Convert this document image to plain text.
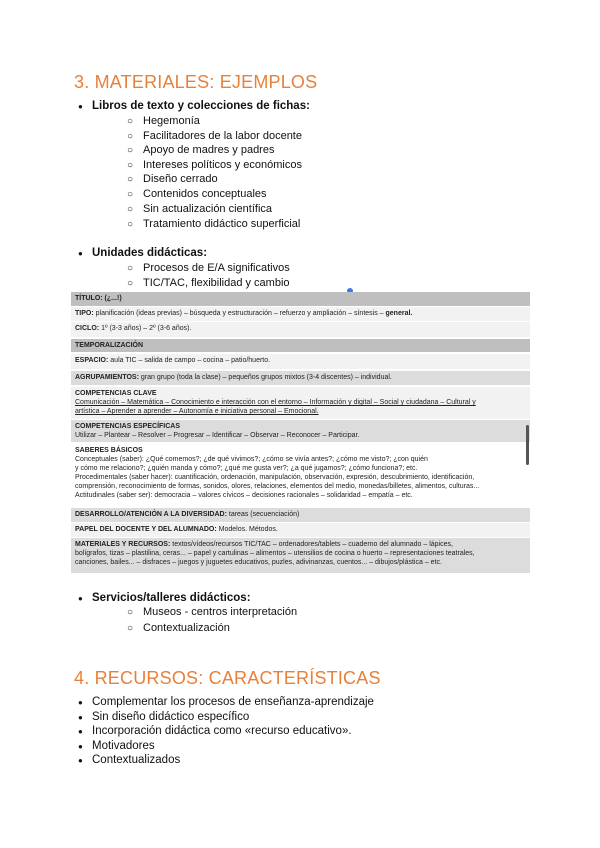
3. MATERIALES: EJEMPLOS
● Libros de texto y colecciones de fichas:
○ Hegemonía
○ Facilitadores de la labor docente
○ Apoyo de madres y padres
○ Intereses políticos y económicos
○ Diseño cerrado
○ Contenidos conceptuales
○ Sin actualización científica
○ Tratamiento didáctico superficial
● Unidades didácticas:
○ Procesos de E/A significativos
○ TIC/TAC, flexibilidad y cambio
TÍTULO: (¿...!)
TIPO: planificación (ideas previas) – búsqueda y estructuración – refuerzo y ampliación – síntesis – general.
CICLO: 1º (3-3 años) – 2º (3-6 años).
TEMPORALIZACIÓN
ESPACIO: aula TIC – salida de campo – cocina – patio/huerto.
AGRUPAMIENTOS: gran grupo (toda la clase) – pequeños grupos mixtos (3-4 discentes) – individual.
COMPETENCIAS CLAVE
Comunicación – Matemática – Conocimiento e interacción con el entorno – Información y digital – Social y ciudadana – Cultural y
artística – Aprender a aprender – Autonomía e iniciativa personal – Emocional.
COMPETENCIAS ESPECÍFICAS
Utilizar – Plantear – Resolver – Progresar – Identificar – Observar – Reconocer – Participar.
SABERES BÁSICOS
Conceptuales (saber): ¿Qué comemos?; ¿de qué vivimos?; ¿cómo se vivía antes?; ¿cómo me visto?; ¿con quién
y cómo me relaciono?; ¿quién manda y cómo?; ¿qué me gusta ver?; ¿a qué jugamos?; ¿cómo funciona?; etc.
Procedimentales (saber hacer): cuantificación, ordenación, manipulación, observación, expresión, descubrimiento, identificación,
comprensión, reconocimiento de formas, sonidos, olores, relaciones, elementos del medio, monedas/billetes, alimentos, culturas...
Actitudinales (saber ser): democracia – valores cívicos – decisiones racionales – solidaridad – empatía – etc.
DESARROLLO/ATENCIÓN A LA DIVERSIDAD: tareas (secuenciación)
PAPEL DEL DOCENTE Y DEL ALUMNADO: Modelos. Métodos.
MATERIALES Y RECURSOS: textos/vídeos/recursos TIC/TAC – ordenadores/tablets – cuaderno del alumnado – lápices,
bolígrafos, tizas – plastilina, ceras... – papel y cartulinas – alimentos – utensilios de cocina o huerto – representaciones teatrales,
canciones, bailes... – disfraces – juegos y juguetes educativos, puzles, adivinanzas, cuentos... – dibujos/plástica – etc.
● Servicios/talleres didácticos:
○ Museos - centros interpretación
○ Contextualización
4. RECURSOS: CARACTERÍSTICAS
● Complementar los procesos de enseñanza-aprendizaje
● Sin diseño didáctico específico
● Incorporación didáctica como «recurso educativo».
● Motivadores
● Contextualizados
